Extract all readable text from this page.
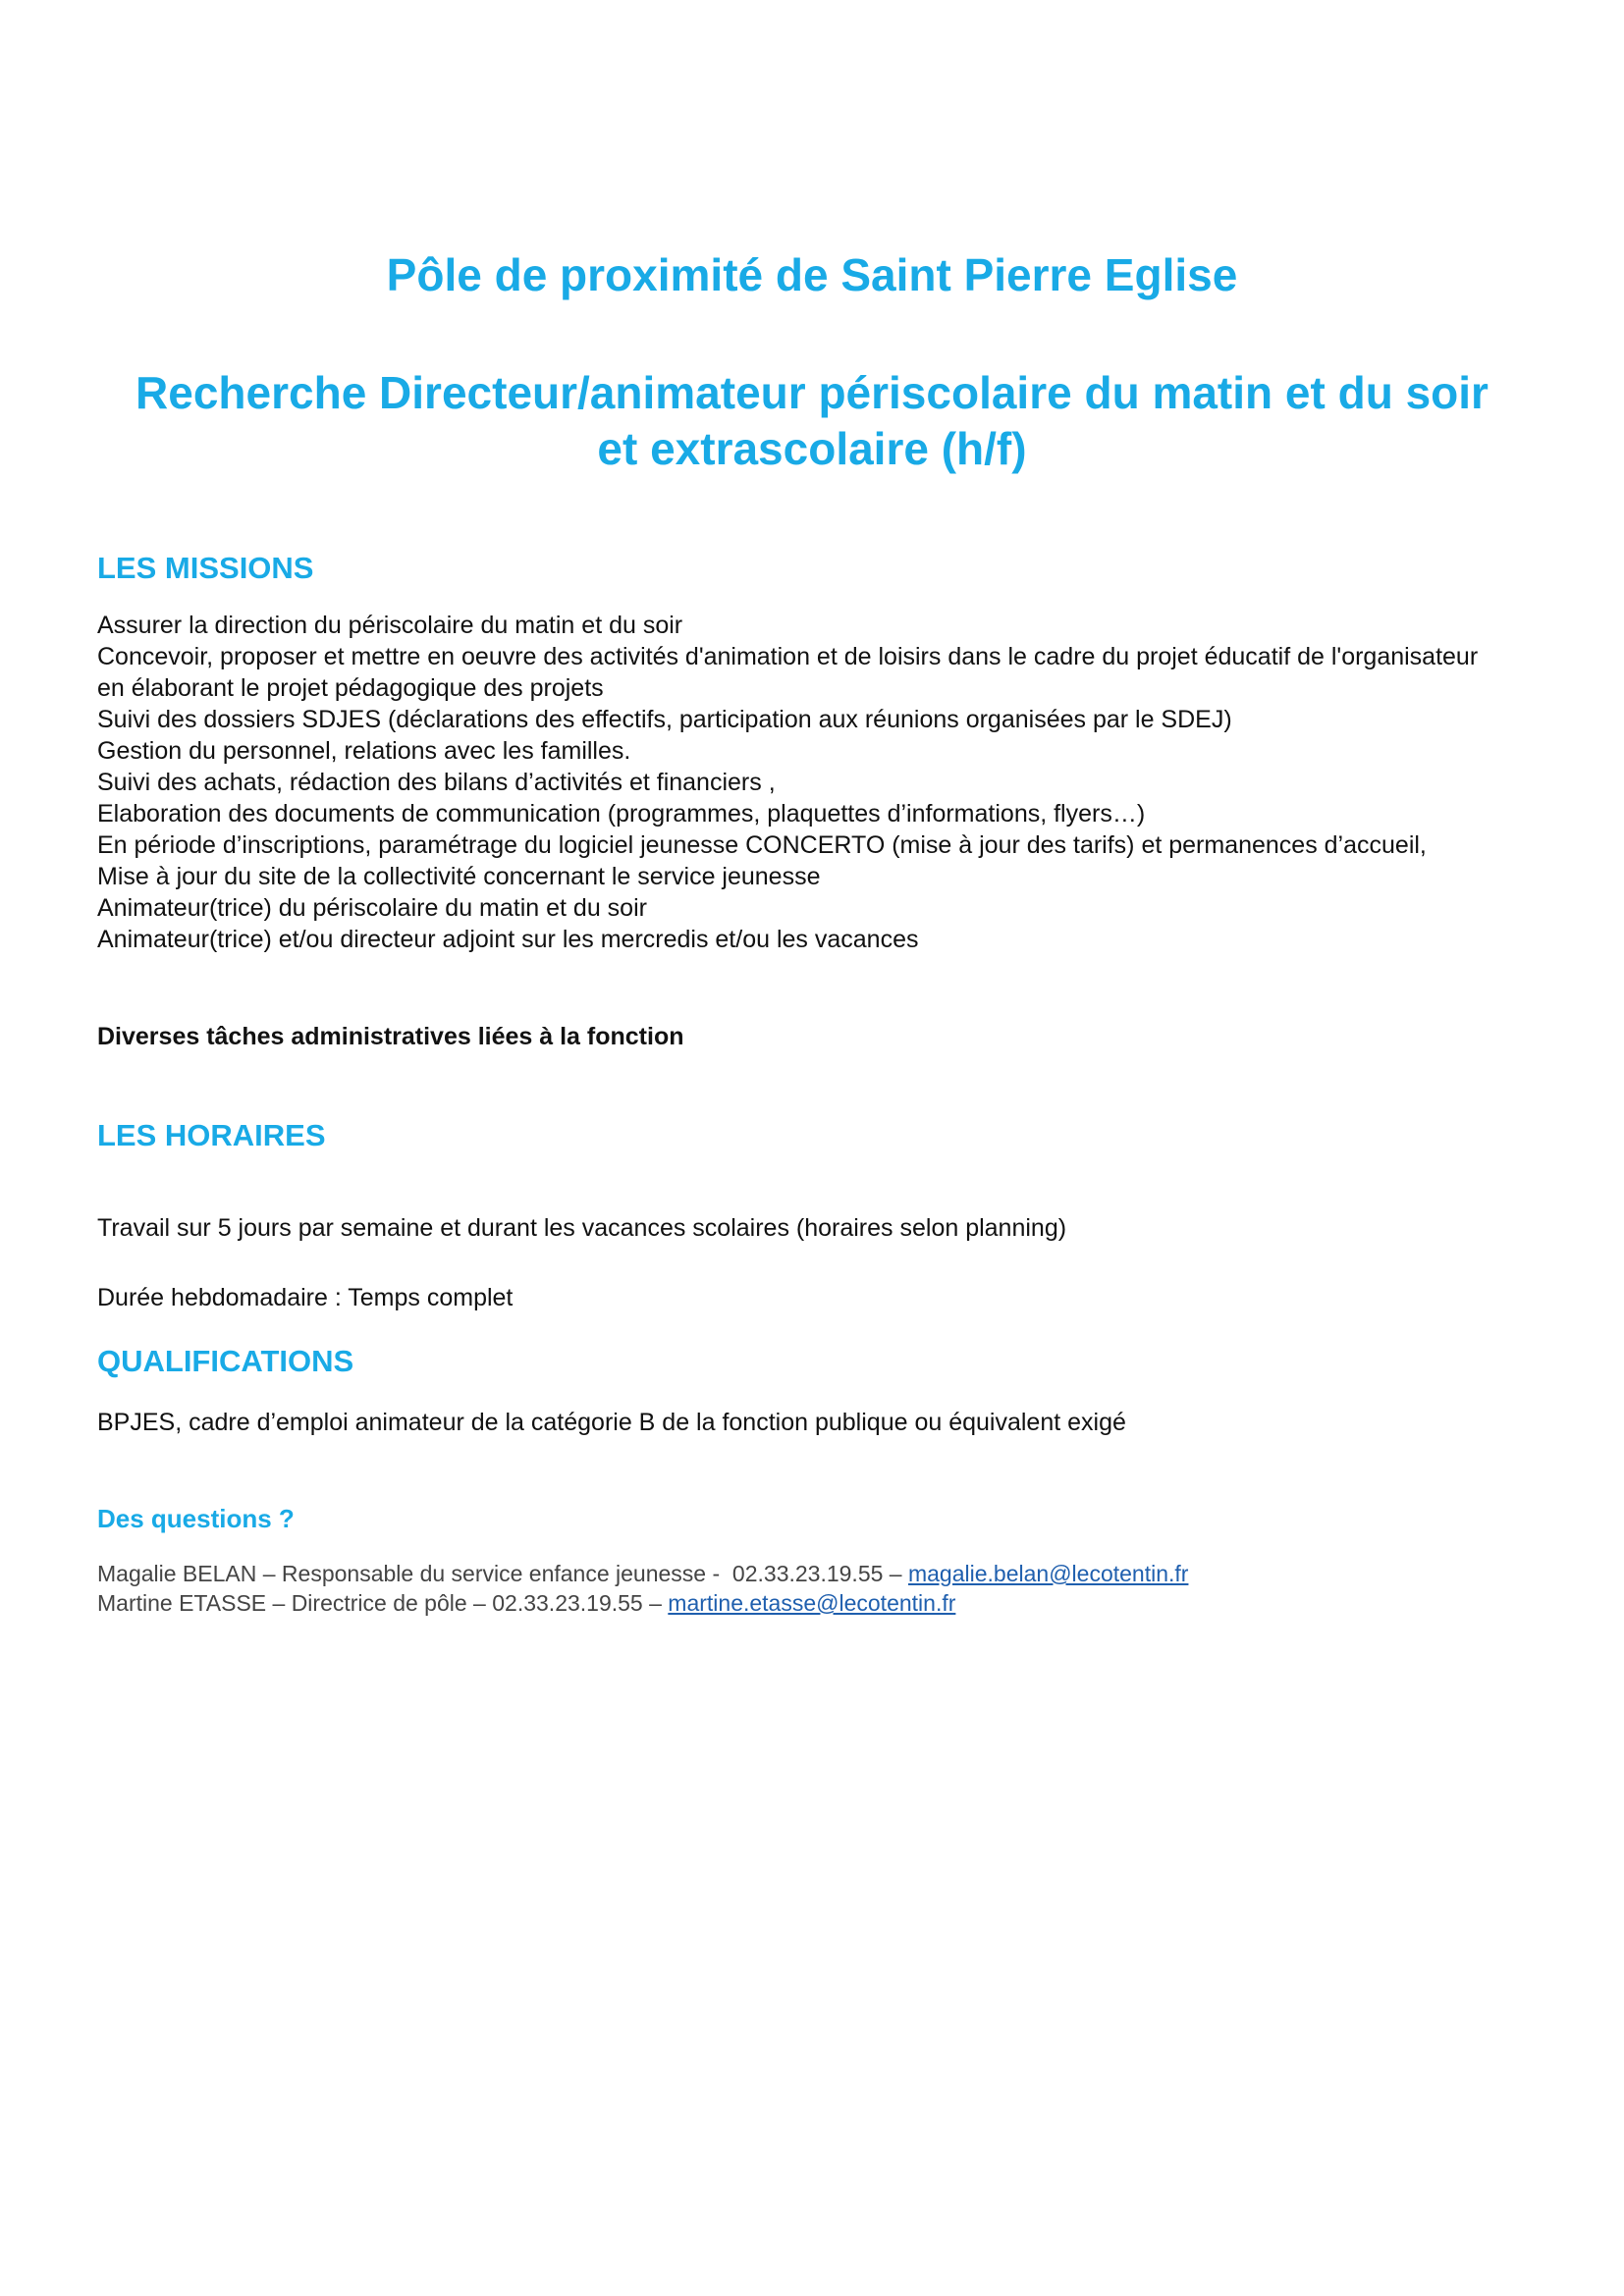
Pôle de proximité de Saint Pierre Eglise
Recherche Directeur/animateur périscolaire du matin et du soir et extrascolaire (h/f)
LES MISSIONS
Assurer la direction du périscolaire du matin et du soir
Concevoir, proposer et mettre en oeuvre des activités d'animation et de loisirs dans le cadre du projet éducatif de l'organisateur en élaborant le projet pédagogique des projets
Suivi des dossiers SDJES (déclarations des effectifs, participation aux réunions organisées par le SDEJ)
Gestion du personnel, relations avec les familles.
Suivi des achats, rédaction des bilans d’activités et financiers ,
Elaboration des documents de communication (programmes, plaquettes d’informations, flyers…)
En période d’inscriptions, paramétrage du logiciel jeunesse CONCERTO (mise à jour des tarifs) et permanences d’accueil,
Mise à jour du site de la collectivité concernant le service jeunesse
Animateur(trice) du périscolaire du matin et du soir
Animateur(trice) et/ou directeur adjoint sur les mercredis et/ou les vacances

Diverses tâches administratives liées à la fonction

LES HORAIRES

Travail sur 5 jours par semaine et durant les vacances scolaires (horaires selon planning)

Durée hebdomadaire : Temps complet

QUALIFICATIONS

BPJES, cadre d’emploi animateur de la catégorie B de la fonction publique ou équivalent exigé

Des questions ?
Magalie BELAN – Responsable du service enfance jeunesse -  02.33.23.19.55 – magalie.belan@lecotentin.fr
Martine ETASSE – Directrice de pôle – 02.33.23.19.55 – martine.etasse@lecotentin.fr
